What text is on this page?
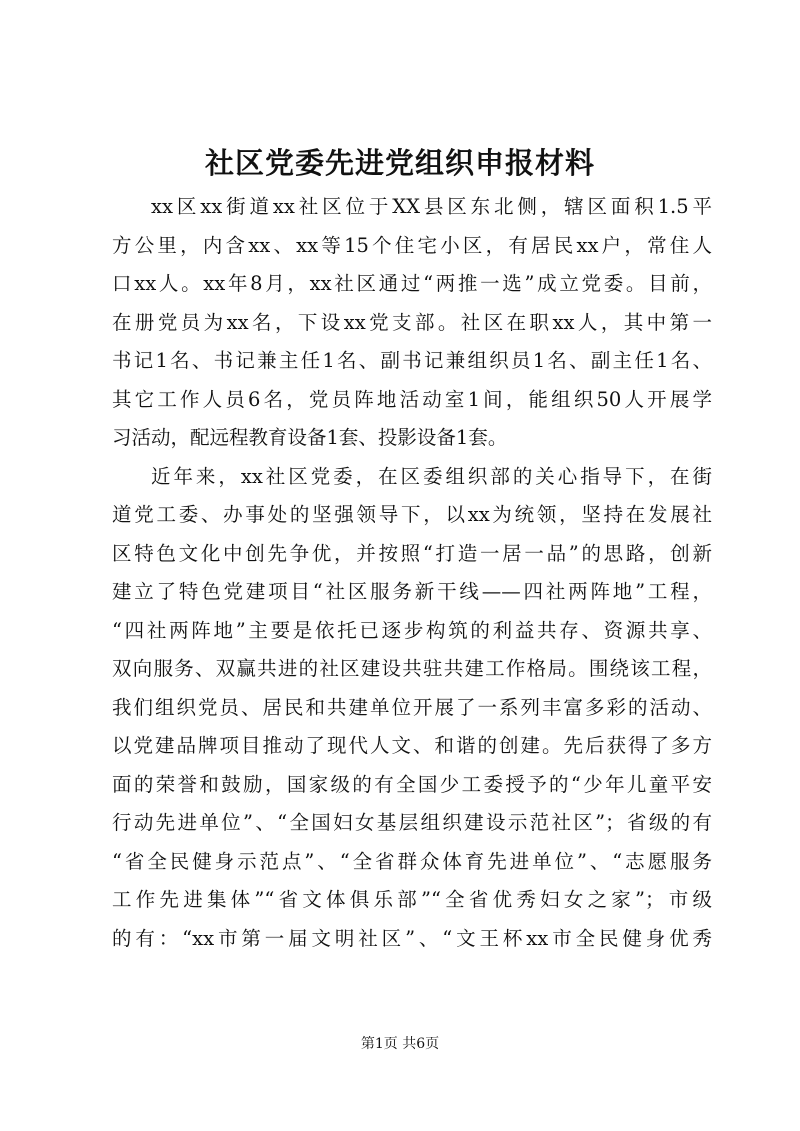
社区党委先进党组织申报材料
xx区xx街道xx社区位于XX县区东北侧，辖区面积1.5平
方公里，内含xx、xx等15个住宅小区，有居民xx户，常住人
口xx人。xx年8月，xx社区通过“两推一选”成立党委。目前，
在册党员为xx名，下设xx党支部。社区在职xx人，其中第一
书记1名、书记兼主任1名、副书记兼组织员1名、副主任1名、
其它工作人员6名，党员阵地活动室1间，能组织50人开展学
习活动，配远程教育设备1套、投影设备1套。
近年来，xx社区党委，在区委组织部的关心指导下，在街
道党工委、办事处的坚强领导下，以xx为统领，坚持在发展社
区特色文化中创先争优，并按照“打造一居一品”的思路，创新
建立了特色党建项目“社区服务新干线——四社两阵地”工程，
“四社两阵地”主要是依托已逐步构筑的利益共存、资源共享、
双向服务、双赢共进的社区建设共驻共建工作格局。围绕该工程，
我们组织党员、居民和共建单位开展了一系列丰富多彩的活动、
以党建品牌项目推动了现代人文、和谐的创建。先后获得了多方
面的荣誉和鼓励，国家级的有全国少工委授予的“少年儿童平安
行动先进单位”、“全国妇女基层组织建设示范社区”；省级的有
“省全民健身示范点”、“全省群众体育先进单位”、“志愿服务
工作先进集体”“省文体俱乐部”“全省优秀妇女之家”；市级
的有：“xx市第一届文明社区”、“文王杯xx市全民健身优秀
第1页 共6页
